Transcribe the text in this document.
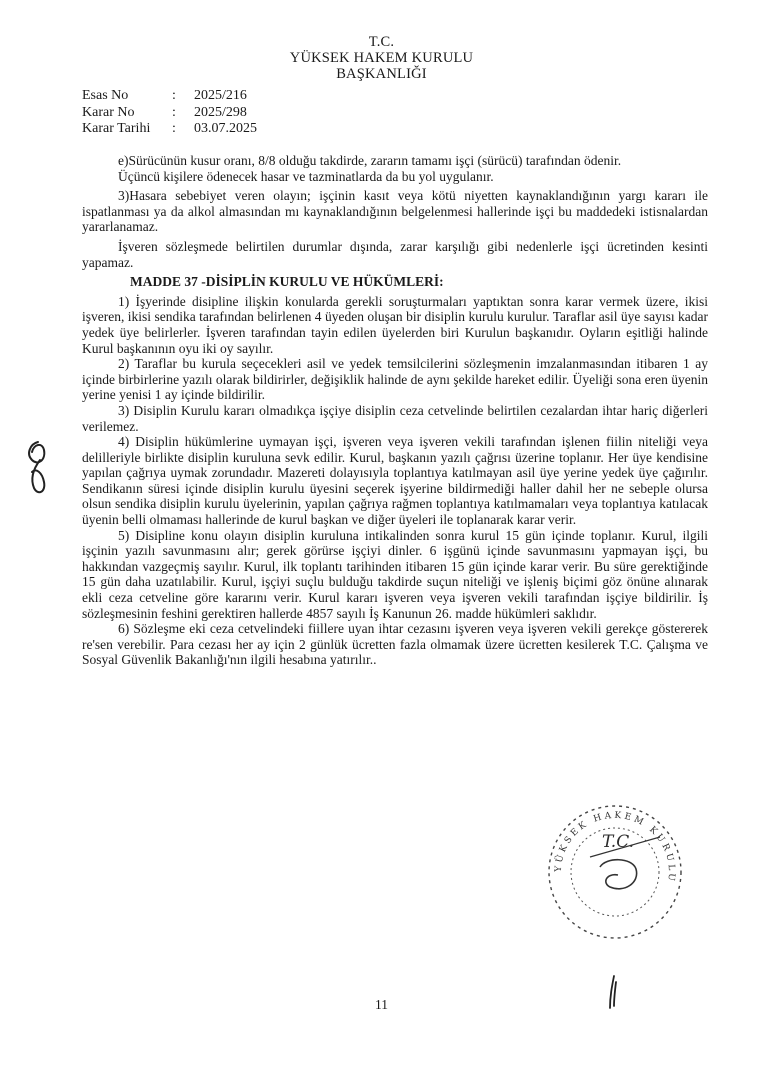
T.C.
YÜKSEK HAKEM KURULU
BAŞKANLIĞI
Esas No	: 2025/216
Karar No	: 2025/298
Karar Tarihi : 03.07.2025

e)Sürücünün kusur oranı, 8/8 olduğu takdirde, zararın tamamı işçi (sürücü) tarafından ödenir.

Üçüncü kişilere ödenecek hasar ve tazminatlarda da bu yol uygulanır.

3)Hasara sebebiyet veren olayın; işçinin kasıt veya kötü niyetten kaynaklandığının yargı kararı ile ispatlanması ya da alkol almasından mı kaynaklandığının belgelenmesi hallerinde işçi bu maddedeki istisnalardan yararlanamaz.

İşveren sözleşmede belirtilen durumlar dışında, zarar karşılığı gibi nedenlerle işçi ücretinden kesinti yapamaz.

MADDE 37 -DİSİPLİN KURULU VE HÜKÜMLERİ:

1) İşyerinde disipline ilişkin konularda gerekli soruşturmaları yaptıktan sonra karar vermek üzere, ikisi işveren, ikisi sendika tarafından belirlenen 4 üyeden oluşan bir disiplin kurulu kurulur. Taraflar asil üye sayısı kadar yedek üye belirlerler. İşveren tarafından tayin edilen üyelerden biri Kurulun başkanıdır. Oyların eşitliği halinde Kurul başkanının oyu iki oy sayılır.

2) Taraflar bu kurula seçecekleri asil ve yedek temsilcilerini sözleşmenin imzalanmasından itibaren 1 ay içinde birbirlerine yazılı olarak bildirirler, değişiklik halinde de aynı şekilde hareket edilir. Üyeliği sona eren üyenin yerine yenisi 1 ay içinde bildirilir.

3) Disiplin Kurulu kararı olmadıkça işçiye disiplin ceza cetvelinde belirtilen cezalardan ihtar hariç diğerleri verilemez.

4) Disiplin hükümlerine uymayan işçi, işveren veya işveren vekili tarafından işlenen fiilin niteliği veya delilleriyle birlikte disiplin kuruluna sevk edilir. Kurul, başkanın yazılı çağrısı üzerine toplanır. Her üye kendisine yapılan çağrıya uymak zorundadır. Mazereti dolayısıyla toplantıya katılmayan asil üye yerine yedek üye çağırılır. Sendikanın süresi içinde disiplin kurulu üyesini seçerek işyerine bildirmediği haller dahil her ne sebeple olursa olsun sendika disiplin kurulu üyelerinin, yapılan çağrıya rağmen toplantıya katılmamaları veya toplantıya katılacak üyenin belli olmaması hallerinde de kurul başkan ve diğer üyeleri ile toplanarak karar verir.

5) Disipline konu olayın disiplin kuruluna intikalinden sonra kurul 15 gün içinde toplanır. Kurul, ilgili işçinin yazılı savunmasını alır; gerek görürse işçiyi dinler. 6 işgünü içinde savunmasını yapmayan işçi, bu hakkından vazgeçmiş sayılır. Kurul, ilk toplantı tarihinden itibaren 15 gün içinde karar verir. Bu süre gerektiğinde 15 gün daha uzatılabilir. Kurul, işçiyi suçlu bulduğu takdirde suçun niteliği ve işleniş biçimi göz önüne alınarak ekli ceza cetveline göre kararını verir. Kurul kararı işveren veya işveren vekili tarafından işçiye bildirilir. İş sözleşmesinin feshini gerektiren hallerde 4857 sayılı İş Kanunun 26. madde hükümleri saklıdır.

6) Sözleşme eki ceza cetvelindeki fiillere uyan ihtar cezasını işveren veya işveren vekili gerekçe göstererek re'sen verebilir. Para cezası her ay için 2 günlük ücretten fazla olmamak üzere ücretten kesilerek T.C. Çalışma ve Sosyal Güvenlik Bakanlığı'nın ilgili hesabına yatırılır..

YÜKSEK HAKEM KURULU
T.C.
11
